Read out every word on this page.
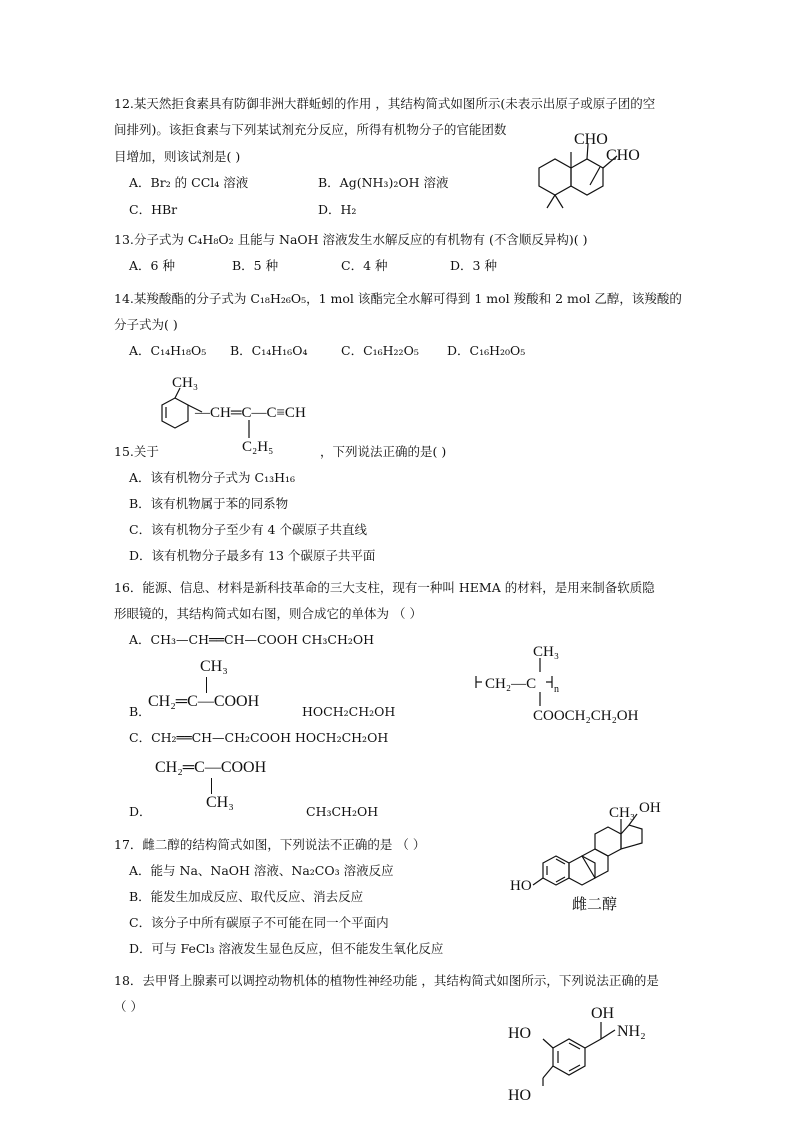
12.某天然拒食素具有防御非洲大群蚯蚓的作用 ，其结构简式如图所示(未表示出原子或原子团的空
间排列)。该拒食素与下列某试剂充分反应，所得有机物分子的官能团数
目增加，则该试剂是( )
A．Br₂ 的 CCl₄ 溶液	B．Ag(NH₃)₂OH 溶液
C．HBr	D．H₂
CHO
CHO
13.分子式为 C₄H₈O₂ 且能与 NaOH 溶液发生水解反应的有机物有 (不含顺反异构)( )
A．6 种	B．5 种	C．4 种	D．3 种
14.某羧酸酯的分子式为 C₁₈H₂₆O₅，1 mol 该酯完全水解可得到 1 mol 羧酸和 2 mol 乙醇，该羧酸的
分子式为( )
A．C₁₄H₁₈O₅ B．C₁₄H₁₆O₄	C．C₁₆H₂₂O₅ D．C₁₆H₂₀O₅
CH₃
—CH═C—C≡CH
C₂H₅
15.关于	，下列说法正确的是( )
A．该有机物分子式为 C₁₃H₁₆
B．该有机物属于苯的同系物
C．该有机物分子至少有 4 个碳原子共直线
D．该有机物分子最多有 13 个碳原子共平面
16．能源、信息、材料是新科技革命的三大支柱，现有一种叫 HEMA 的材料，是用来制备软质隐
形眼镜的，其结构简式如右图，则合成它的单体为 （ ）
A．CH₃—CH══CH—COOH CH₃CH₂OH
B．
CH₃
CH₂═C—COOH
HOCH₂CH₂OH
C．CH₂══CH—CH₂COOH HOCH₂CH₂OH
CH₂═C—COOH
CH₃
D．	CH₃CH₂OH
CH₃
CH₂—C n
COOCH₂CH₂OH
17．雌二醇的结构简式如图，下列说法不正确的是 （ ）
A．能与 Na、NaOH 溶液、Na₂CO₃ 溶液反应
B．能发生加成反应、取代反应、消去反应
C．该分子中所有碳原子不可能在同一个平面内
D．可与 FeCl₃ 溶液发生显色反应，但不能发生氧化反应
CH₃ OH
HO
雌二醇
18．去甲肾上腺素可以调控动物机体的植物性神经功能 ，其结构简式如图所示，下列说法正确的是
（ ）
HO
HO
OH
NH₂
